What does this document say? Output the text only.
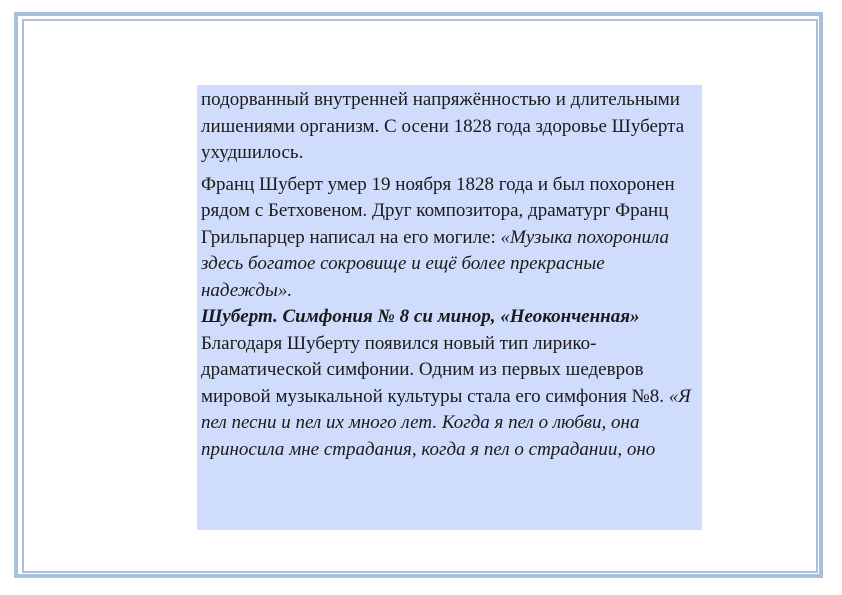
подорванный внутренней напряжённостью и длительными лишениями организм. С осени 1828 года здоровье Шуберта ухудшилось.

Франц Шуберт умер 19 ноября 1828 года и был похоронен рядом с Бетховеном. Друг композитора, драматург Франц Грильпарцер написал на его могиле: «Музыка похоронила здесь богатое сокровище и ещё более прекрасные надежды».

Шуберт. Симфония № 8 си минор, «Неоконченная»

Благодаря Шуберту появился новый тип лирико-драматической симфонии. Одним из первых шедевров мировой музыкальной культуры стала его симфония №8. «Я пел песни и пел их много лет. Когда я пел о любви, она приносила мне страдания, когда я пел о страдании, оно
